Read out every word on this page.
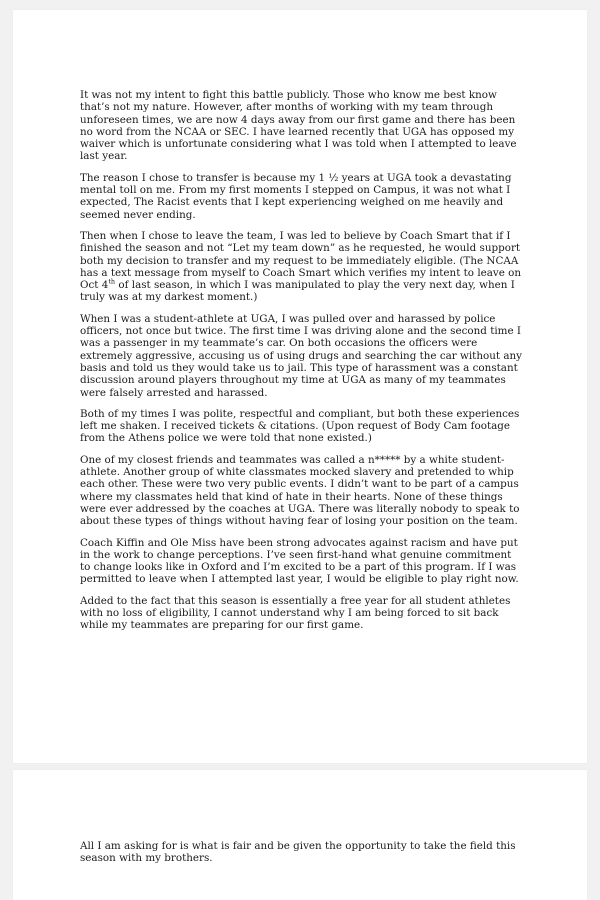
It was not my intent to fight this battle publicly. Those who know me best know that’s not my nature. However, after months of working with my team through unforeseen times, we are now 4 days away from our first game and there has been no word from the NCAA or SEC. I have learned recently that UGA has opposed my waiver which is unfortunate considering what I was told when I attempted to leave last year.

The reason I chose to transfer is because my 1 ½ years at UGA took a devastating mental toll on me. From my first moments I stepped on Campus, it was not what I expected, The Racist events that I kept experiencing weighed on me heavily and seemed never ending.

Then when I chose to leave the team, I was led to believe by Coach Smart that if I finished the season and not “Let my team down” as he requested, he would support both my decision to transfer and my request to be immediately eligible. (The NCAA has a text message from myself to Coach Smart which verifies my intent to leave on Oct 4th of last season, in which I was manipulated to play the very next day, when I truly was at my darkest moment.)

When I was a student-athlete at UGA, I was pulled over and harassed by police officers, not once but twice. The first time I was driving alone and the second time I was a passenger in my teammate’s car. On both occasions the officers were extremely aggressive, accusing us of using drugs and searching the car without any basis and told us they would take us to jail. This type of harassment was a constant discussion around players throughout my time at UGA as many of my teammates were falsely arrested and harassed.

Both of my times I was polite, respectful and compliant, but both these experiences left me shaken. I received tickets & citations. (Upon request of Body Cam footage from the Athens police we were told that none existed.)

One of my closest friends and teammates was called a n***** by a white student-athlete. Another group of white classmates mocked slavery and pretended to whip each other. These were two very public events. I didn’t want to be part of a campus where my classmates held that kind of hate in their hearts. None of these things were ever addressed by the coaches at UGA. There was literally nobody to speak to about these types of things without having fear of losing your position on the team.

Coach Kiffin and Ole Miss have been strong advocates against racism and have put in the work to change perceptions. I’ve seen first-hand what genuine commitment to change looks like in Oxford and I’m excited to be a part of this program. If I was permitted to leave when I attempted last year, I would be eligible to play right now.

Added to the fact that this season is essentially a free year for all student athletes with no loss of eligibility, I cannot understand why I am being forced to sit back while my teammates are preparing for our first game.

All I am asking for is what is fair and be given the opportunity to take the field this season with my brothers.
